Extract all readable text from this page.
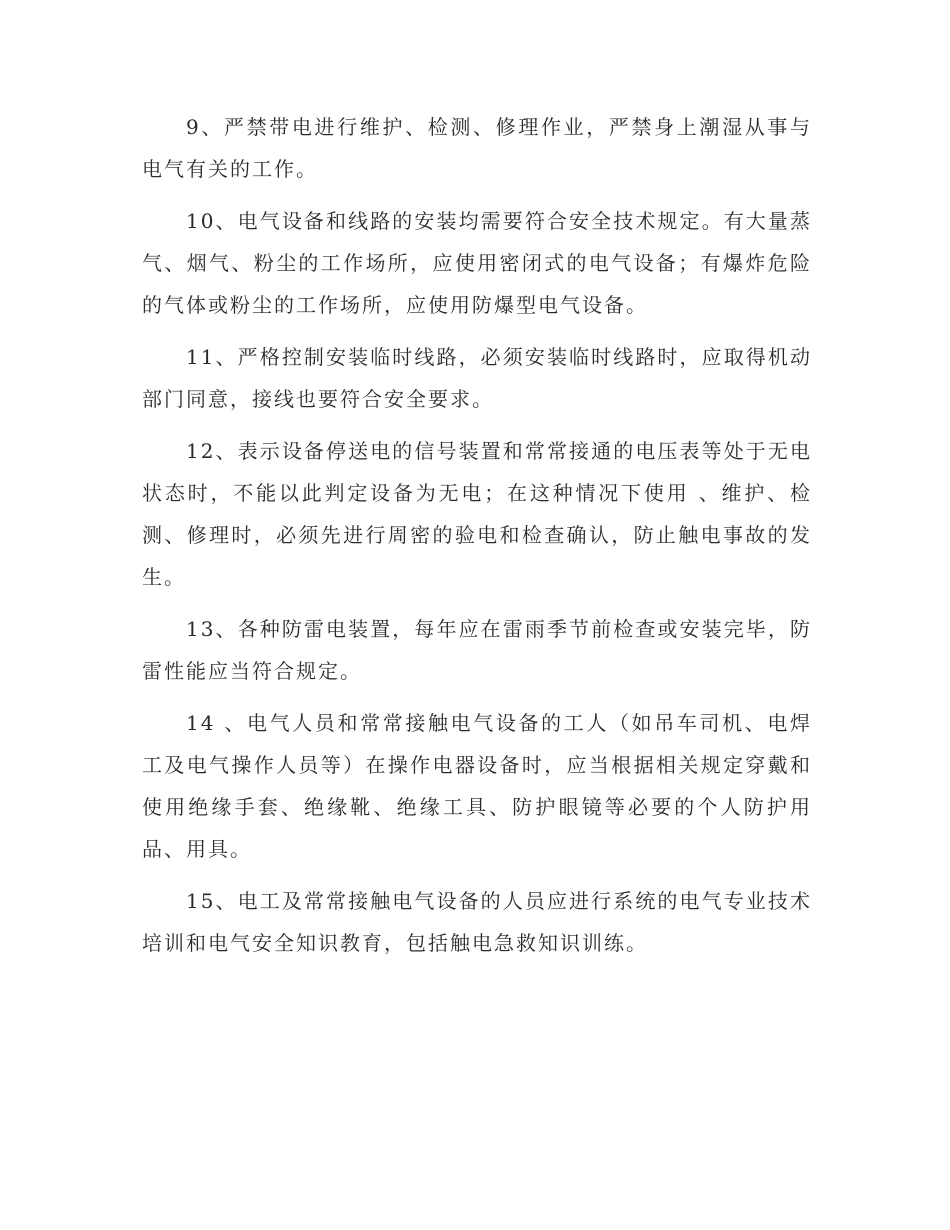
9、严禁带电进行维护、检测、修理作业，严禁身上潮湿从事与电气有关的工作。

10、电气设备和线路的安装均需要符合安全技术规定。有大量蒸气、烟气、粉尘的工作场所，应使用密闭式的电气设备；有爆炸危险的气体或粉尘的工作场所，应使用防爆型电气设备。

11、严格控制安装临时线路，必须安装临时线路时，应取得机动部门同意，接线也要符合安全要求。

12、表示设备停送电的信号装置和常常接通的电压表等处于无电状态时，不能以此判定设备为无电；在这种情况下使用 、维护、检测、修理时，必须先进行周密的验电和检查确认，防止触电事故的发生。

13、各种防雷电装置，每年应在雷雨季节前检查或安装完毕，防雷性能应当符合规定。

14 、电气人员和常常接触电气设备的工人（如吊车司机、电焊工及电气操作人员等）在操作电器设备时，应当根据相关规定穿戴和使用绝缘手套、绝缘靴、绝缘工具、防护眼镜等必要的个人防护用品、用具。

15、电工及常常接触电气设备的人员应进行系统的电气专业技术培训和电气安全知识教育，包括触电急救知识训练。
